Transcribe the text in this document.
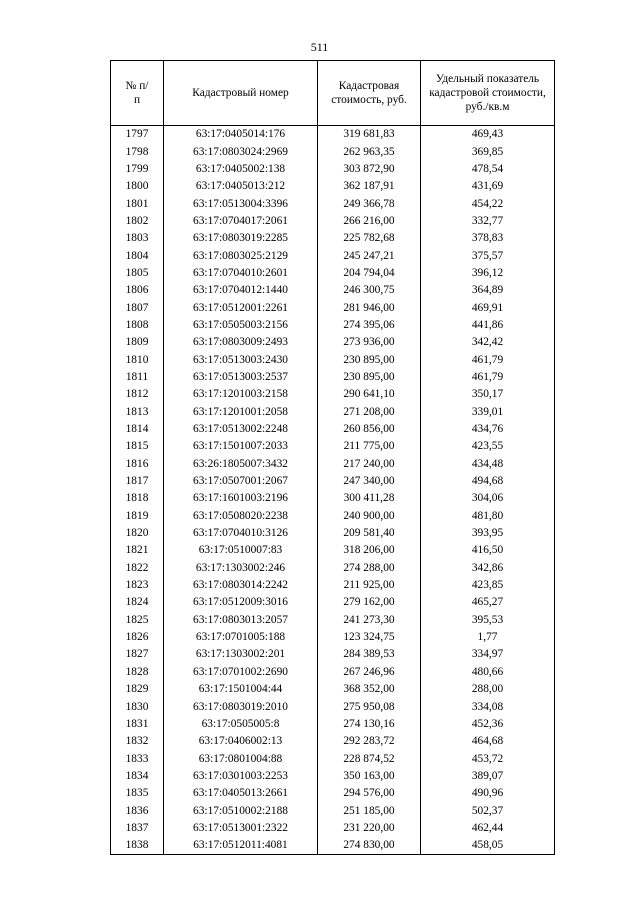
511
№ п/п	Кадастровый номер	Кадастровая стоимость, руб.	Удельный показатель кадастровой стоимости, руб./кв.м
1797	63:17:0405014:176	319 681,83	469,43
1798	63:17:0803024:2969	262 963,35	369,85
1799	63:17:0405002:138	303 872,90	478,54
1800	63:17:0405013:212	362 187,91	431,69
1801	63:17:0513004:3396	249 366,78	454,22
1802	63:17:0704017:2061	266 216,00	332,77
1803	63:17:0803019:2285	225 782,68	378,83
1804	63:17:0803025:2129	245 247,21	375,57
1805	63:17:0704010:2601	204 794,04	396,12
1806	63:17:0704012:1440	246 300,75	364,89
1807	63:17:0512001:2261	281 946,00	469,91
1808	63:17:0505003:2156	274 395,06	441,86
1809	63:17:0803009:2493	273 936,00	342,42
1810	63:17:0513003:2430	230 895,00	461,79
1811	63:17:0513003:2537	230 895,00	461,79
1812	63:17:1201003:2158	290 641,10	350,17
1813	63:17:1201001:2058	271 208,00	339,01
1814	63:17:0513002:2248	260 856,00	434,76
1815	63:17:1501007:2033	211 775,00	423,55
1816	63:26:1805007:3432	217 240,00	434,48
1817	63:17:0507001:2067	247 340,00	494,68
1818	63:17:1601003:2196	300 411,28	304,06
1819	63:17:0508020:2238	240 900,00	481,80
1820	63:17:0704010:3126	209 581,40	393,95
1821	63:17:0510007:83	318 206,00	416,50
1822	63:17:1303002:246	274 288,00	342,86
1823	63:17:0803014:2242	211 925,00	423,85
1824	63:17:0512009:3016	279 162,00	465,27
1825	63:17:0803013:2057	241 273,30	395,53
1826	63:17:0701005:188	123 324,75	1,77
1827	63:17:1303002:201	284 389,53	334,97
1828	63:17:0701002:2690	267 246,96	480,66
1829	63:17:1501004:44	368 352,00	288,00
1830	63:17:0803019:2010	275 950,08	334,08
1831	63:17:0505005:8	274 130,16	452,36
1832	63:17:0406002:13	292 283,72	464,68
1833	63:17:0801004:88	228 874,52	453,72
1834	63:17:0301003:2253	350 163,00	389,07
1835	63:17:0405013:2661	294 576,00	490,96
1836	63:17:0510002:2188	251 185,00	502,37
1837	63:17:0513001:2322	231 220,00	462,44
1838	63:17:0512011:4081	274 830,00	458,05
